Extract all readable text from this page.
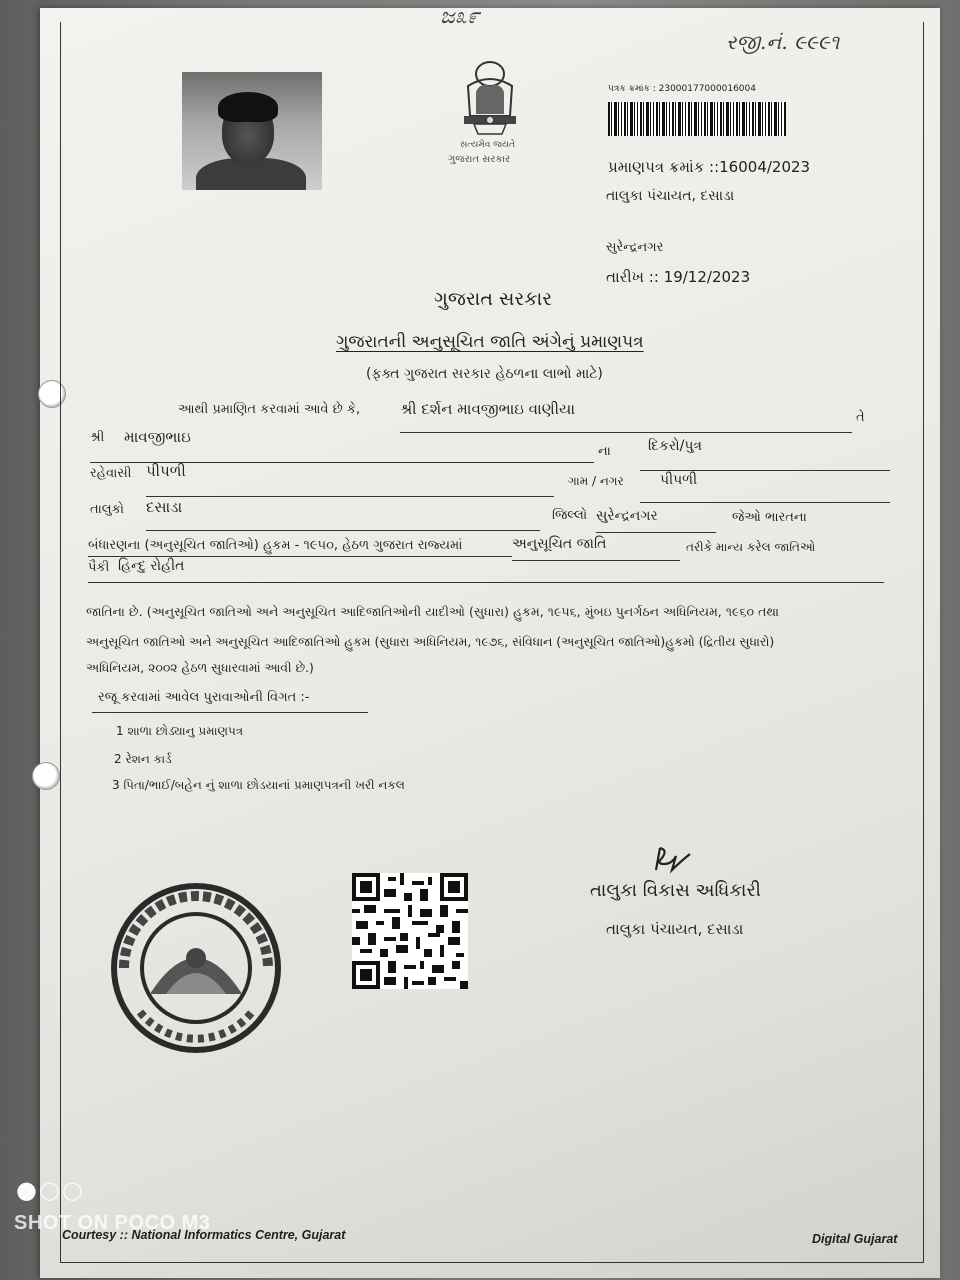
ಜ೩೯
રજી.નં. ૯૯૯૧
સત્યમેવ જયતે
ગુજરાત સરકાર
પત્રક ક્રમાંક : 23000177000016004
પ્રમાણપત્ર ક્રમાંક ::16004/2023
તાલુકા પંચાયત, દસાડા
સુરેન્દ્રનગર
તારીખ :: 19/12/2023
ગુજરાત સરકાર
ગુજરાતની અનુસૂચિત જાતિ અંગેનું પ્રમાણપત્ર
(ફક્ત ગુજરાત સરકાર હેઠળના લાભો માટે)
આથી પ્રમાણિત કરવામાં આવે છે કે,	શ્રી દર્શન માવજીભાઇ વાણીયા	તે
શ્રી માવજીભાઇ
ના	દિકરો/પુત્ર
રહેવાસી પીપળી
ગામ / નગર	પીપળી
તાલુકો દસાડા	જિલ્લો સુરેન્દ્રનગર	જેઓ ભારતના
બંધારણના (અનુસૂચિત જાતિઓ) હુકમ - ૧૯૫૦, હેઠળ ગુજરાત રાજ્યમાં	અનુસૂચિત જાતિ	તરીકે માન્ય કરેલ જાતિઓ
પૈકી હિન્દુ રોહીત
જાતિના છે. (અનુસૂચિત જાતિઓ અને અનુસૂચિત આદિજાતિઓની યાદીઓ (સુધારા) હુકમ, ૧૯૫૬, મુંબઇ પુનર્ગઠન અધિનિયમ, ૧૯૬૦ તથા
અનુસૂચિત જાતિઓ અને અનુસૂચિત આદિજાતિઓ હુકમ (સુધારા અધિનિયમ, ૧૯૭૬, સંવિધાન (અનુસૂચિત જાતિઓ)હુકમો (દ્રિતીય સુધારો)
અધિનિયમ, ૨૦૦૨ હેઠળ સુધારવામાં આવી છે.)
રજૂ કરવામાં આવેલ પુરાવાઓની વિગત :-
1 શાળા છોડ્યાનુ પ્રમાણપત્ર
2 રેશન કાર્ડ
3 પિતા/ભાઈ/બહેન નું શાળા છોડયાનાં પ્રમાણપત્રની ખરી નકલ
તાલુકા વિકાસ અધિકારી
તાલુકા પંચાયત, દસાડા
Courtesy :: National Informatics Centre, Gujarat	Digital Gujarat
●○○
SHOT ON POCO M3
